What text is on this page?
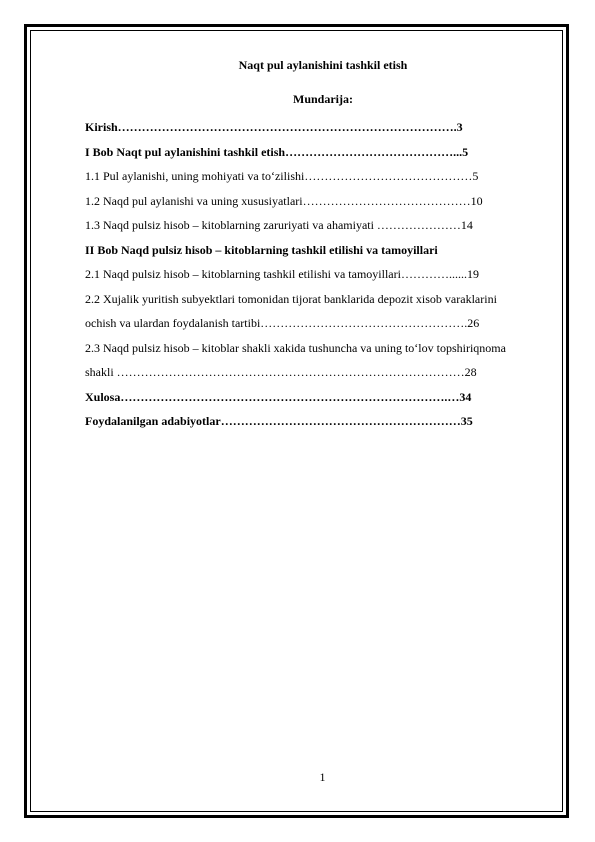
Naqt pul aylanishini tashkil etish
Mundarija:
Kirish………………………………………………………………………….3
I Bob Naqt pul aylanishini tashkil etish……………………………………...5
1.1 Pul aylanishi, uning mohiyati va to‘zilishi……………………………………5
1.2 Naqd pul aylanishi va uning xususiyatlari……………………………………10
1.3 Naqd pulsiz hisob – kitoblarning zaruriyati va ahamiyati …………………14
II Bob Naqd pulsiz hisob – kitoblarning tashkil etilishi va tamoyillari
2.1 Naqd pulsiz hisob – kitoblarning tashkil etilishi va tamoyillari…………......19
2.2 Xujalik yuritish subyektlari tomonidan tijorat banklarida depozit xisob varaklarini
ochish va ulardan foydalanish tartibi…………………………………………….26
2.3 Naqd pulsiz hisob – kitoblar shakli xakida tushuncha va uning to‘lov topshiriqnoma
shakli ……………………………………………………………………………28
Xulosa……………………………………………………………………….…34
Foydalanilgan adabiyotlar……………………………………………………35
1
